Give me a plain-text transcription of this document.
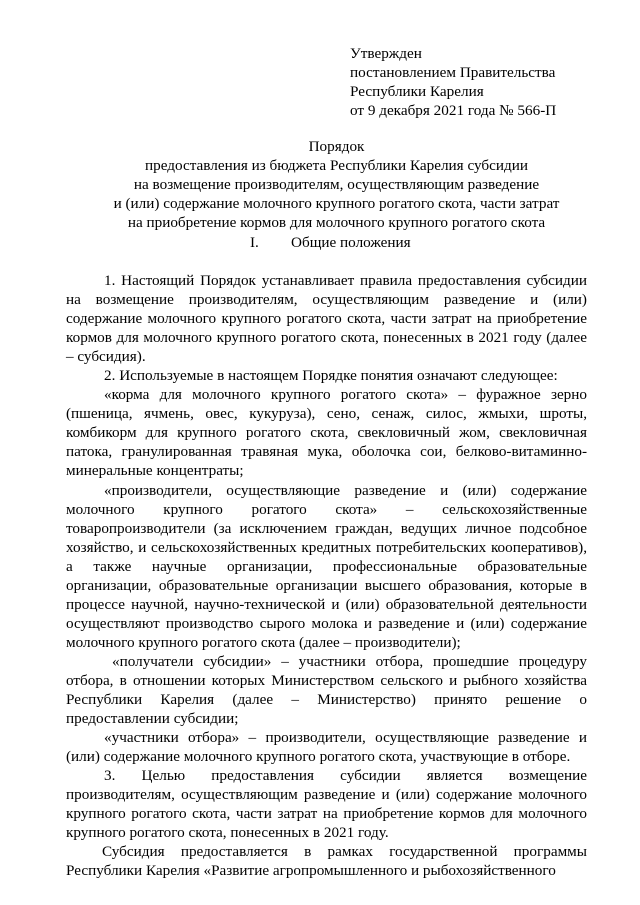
Утвержден
постановлением Правительства
Республики Карелия
от 9 декабря 2021 года № 566-П
Порядок
предоставления из бюджета Республики Карелия субсидии
на возмещение производителям, осуществляющим разведение
и (или) содержание молочного крупного рогатого скота, части затрат
на приобретение кормов для молочного крупного рогатого скота
I. Общие положения

1. Настоящий Порядок устанавливает правила предоставления субсидии на возмещение производителям, осуществляющим разведение и (или) содержание молочного крупного рогатого скота, части затрат на приобретение кормов для молочного крупного рогатого скота, понесенных в 2021 году (далее – субсидия).

2. Используемые в настоящем Порядке понятия означают следующее:

«корма для молочного крупного рогатого скота» – фуражное зерно (пшеница, ячмень, овес, кукуруза), сено, сенаж, силос, жмыхи, шроты, комбикорм для крупного рогатого скота, свекловичный жом, свекловичная патока, гранулированная травяная мука, оболочка сои, белково-витаминно-минеральные концентраты;

«производители, осуществляющие разведение и (или) содержание молочного крупного рогатого скота» – сельскохозяйственные товаропроизводители (за исключением граждан, ведущих личное подсобное хозяйство, и сельскохозяйственных кредитных потребительских кооперативов), а также научные организации, профессиональные образовательные организации, образовательные организации высшего образования, которые в процессе научной, научно-технической и (или) образовательной деятельности осуществляют производство сырого молока и разведение и (или) содержание молочного крупного рогатого скота (далее – производители);

«получатели субсидии» – участники отбора, прошедшие процедуру отбора, в отношении которых Министерством сельского и рыбного хозяйства Республики Карелия (далее – Министерство) принято решение о предоставлении субсидии;

«участники отбора» – производители, осуществляющие разведение и (или) содержание молочного крупного рогатого скота, участвующие в отборе.

3. Целью предоставления субсидии является возмещение производителям, осуществляющим разведение и (или) содержание молочного крупного рогатого скота, части затрат на приобретение кормов для молочного крупного рогатого скота, понесенных в 2021 году.

Субсидия предоставляется в рамках государственной программы Республики Карелия «Развитие агропромышленного и рыбохозяйственного
